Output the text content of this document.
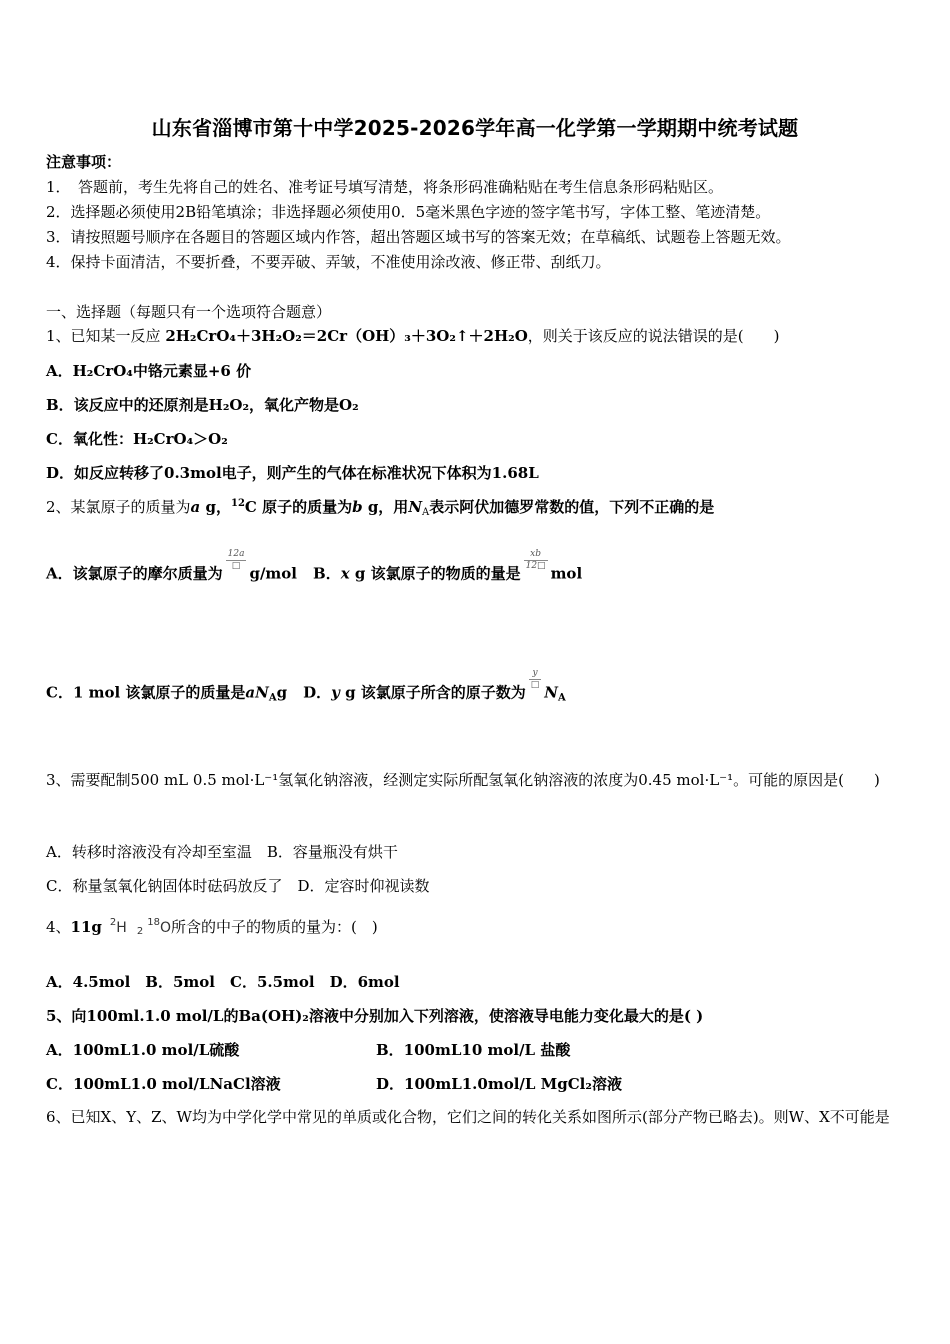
山东省淄博市第十中学2025-2026学年高一化学第一学期期中统考试题
注意事项：
1．　答题前，考生先将自己的姓名、准考证号填写清楚，将条形码准确粘贴在考生信息条形码粘贴区。
2．选择题必须使用2B铅笔填涂；非选择题必须使用0．5毫米黑色字迹的签字笔书写，字体工整、笔迹清楚。
3．请按照题号顺序在各题目的答题区域内作答，超出答题区域书写的答案无效；在草稿纸、试题卷上答题无效。
4．保持卡面清洁，不要折叠，不要弄破、弄皱，不准使用涂改液、修正带、刮纸刀。
一、选择题（每题只有一个选项符合题意）
1、已知某一反应 2H₂CrO₄＋3H₂O₂＝2Cr（OH）₃＋3O₂↑＋2H₂O，则关于该反应的说法错误的是(　　)
A．H₂CrO₄中铬元素显+6 价
B．该反应中的还原剂是H₂O₂，氧化产物是O₂
C．氧化性：H₂CrO₄＞O₂
D．如反应转移了0.3mol电子，则产生的气体在标准状况下体积为1.68L
2、某氯原子的质量为a g，$^{12}$C 原子的质量为b g，用$N_A$表示阿伏加德罗常数的值，下列不正确的是
A．该氯原子的摩尔质量为
$\frac{12a}{□}$
g/mol B．x g 该氯原子的物质的量是
$\frac{xb}{12□}$
mol
C．1 mol 该氯原子的质量是$aN_Ag$ D．y g 该氯原子所含的原子数为
$\frac{y}{□}$
$N_A$
3、需要配制500 mL 0.5 mol·L⁻¹氢氧化钠溶液，经测定实际所配氢氧化钠溶液的浓度为0.45 mol·L⁻¹。可能的原因是(　　)
A．转移时溶液没有冷却至室温　B．容量瓶没有烘干
C．称量氢氧化钠固体时砝码放反了　D．定容时仰视读数
4、11g $^2$H $2^{18}O$所含的中子的物质的量为：(　)
A．4.5mol　B．5mol　C．5.5mol　D．6mol
5、向100ml.1.0 mol/L的Ba(OH)₂溶液中分别加入下列溶液，使溶液导电能力变化最大的是( )
A．100mL1.0 mol/L硫酸	B．100mL10 mol/L 盐酸
C．100mL1.0 mol/LNaCl溶液	D．100mL1.0mol/L MgCl₂溶液
6、已知X、Y、Z、W均为中学化学中常见的单质或化合物，它们之间的转化关系如图所示(部分产物已略去)。则W、X不可能是
